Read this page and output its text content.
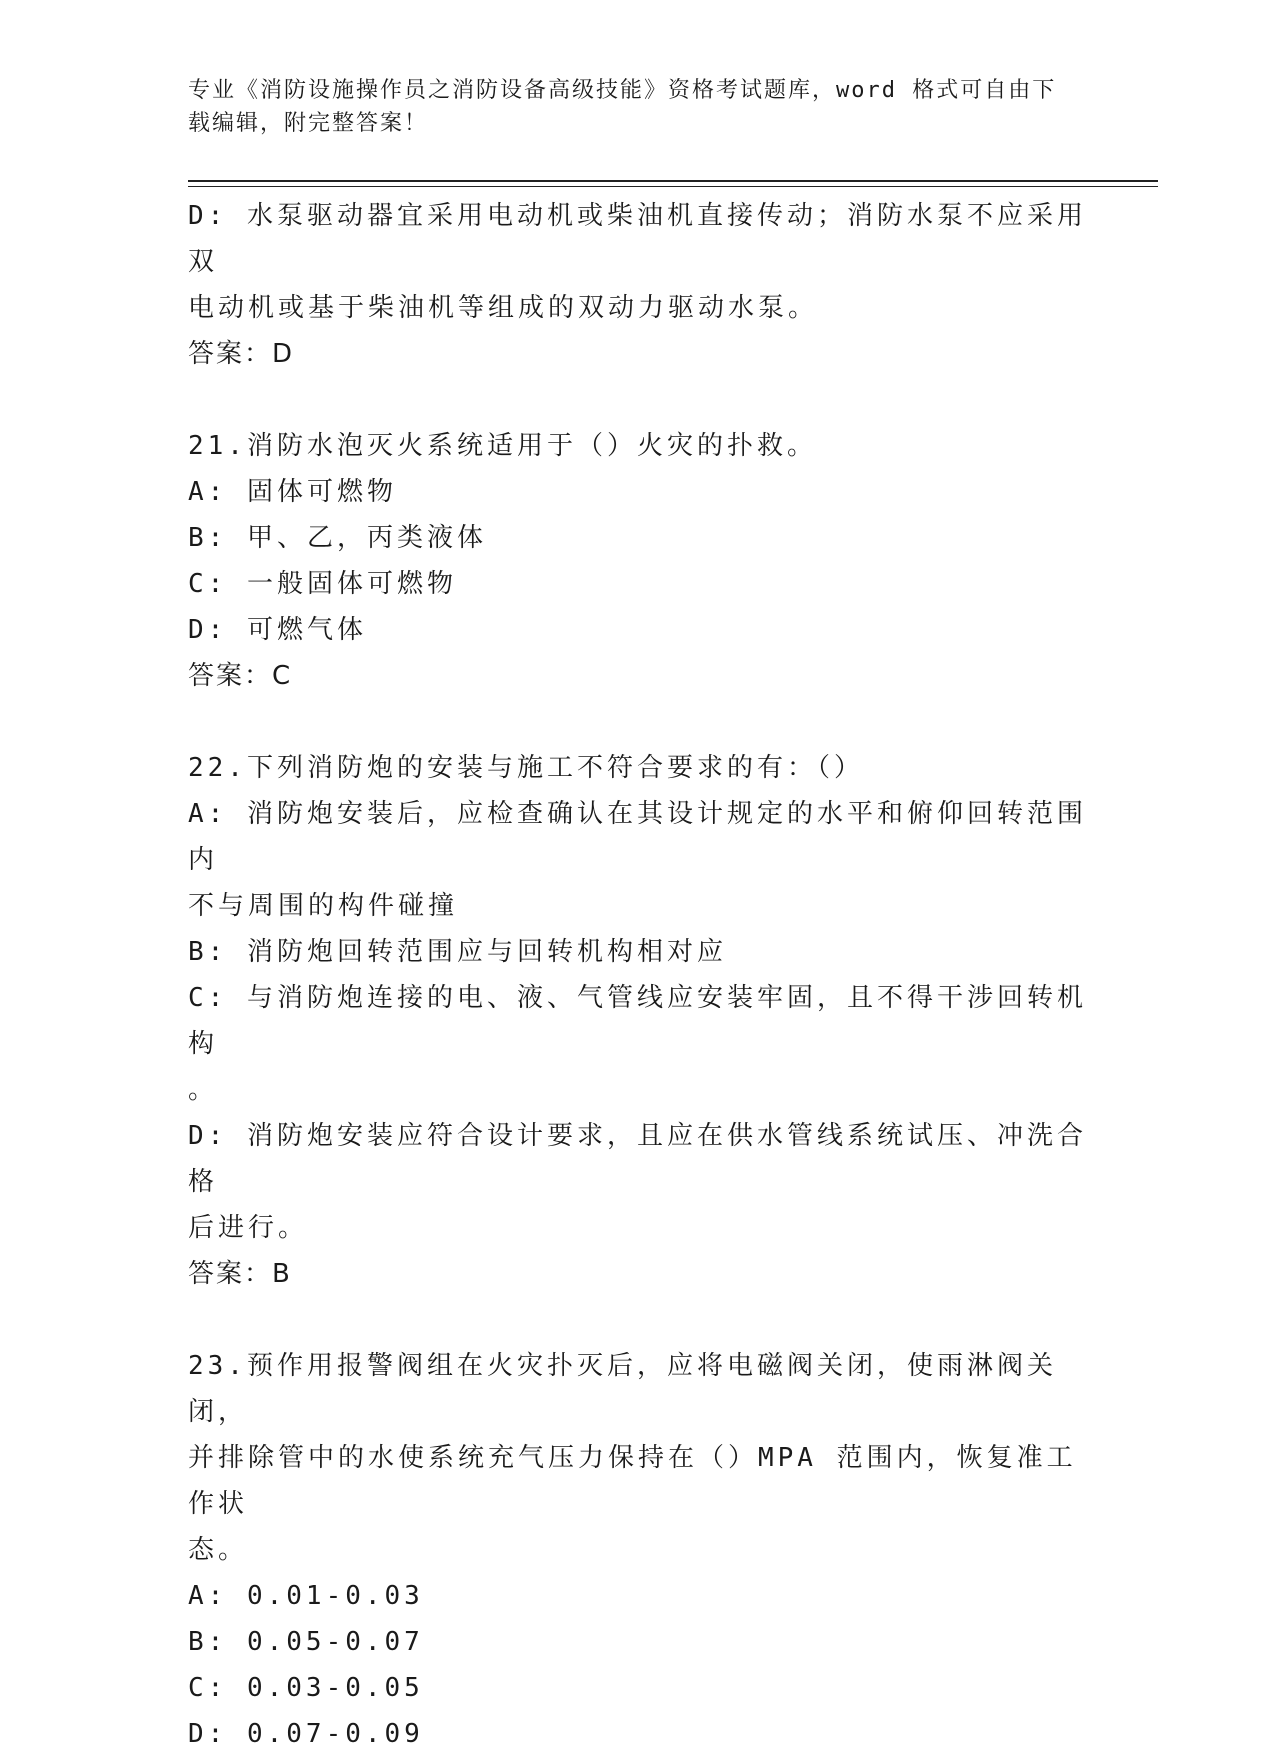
专业《消防设施操作员之消防设备高级技能》资格考试题库，word 格式可自由下
载编辑，附完整答案！
D: 水泵驱动器宜采用电动机或柴油机直接传动；消防水泵不应采用双
电动机或基于柴油机等组成的双动力驱动水泵。
答案：D
21.消防水泡灭火系统适用于（）火灾的扑救。
A: 固体可燃物
B: 甲、乙，丙类液体
C: 一般固体可燃物
D: 可燃气体
答案：C
22.下列消防炮的安装与施工不符合要求的有：（）
A: 消防炮安装后，应检查确认在其设计规定的水平和俯仰回转范围内
不与周围的构件碰撞
B: 消防炮回转范围应与回转机构相对应
C: 与消防炮连接的电、液、气管线应安装牢固，且不得干涉回转机构
。
D: 消防炮安装应符合设计要求，且应在供水管线系统试压、冲洗合格
后进行。
答案：B
23.预作用报警阀组在火灾扑灭后，应将电磁阀关闭，使雨淋阀关闭，
并排除管中的水使系统充气压力保持在（）MPA 范围内，恢复准工作状
态。
A: 0.01-0.03
B: 0.05-0.07
C: 0.03-0.05
D: 0.07-0.09
